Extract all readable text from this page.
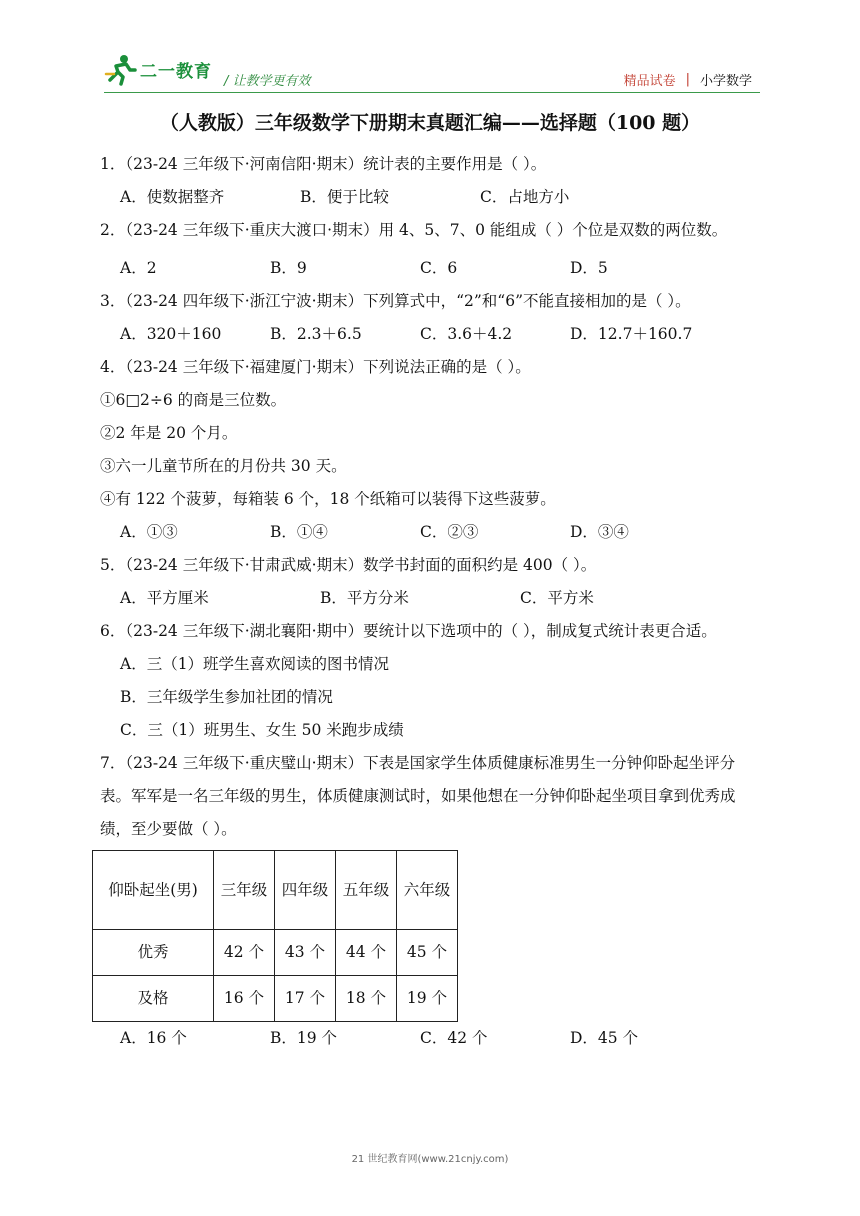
二一教育 / 让教学更有效	精品试卷 | 小学数学
（人教版）三年级数学下册期末真题汇编——选择题（100 题）

1．（23-24 三年级下·河南信阳·期末）统计表的主要作用是（ ）。

A．使数据整齐	B．便于比较	C．占地方小

2．（23-24 三年级下·重庆大渡口·期末）用 4、5、7、0 能组成（ ）个位是双数的两位数。

A．2	B．9	C．6	D．5

3．（23-24 四年级下·浙江宁波·期末）下列算式中，“2”和“6”不能直接相加的是（ ）。

A．320＋160	B．2.3＋6.5	C．3.6＋4.2	D．12.7＋160.7

4．（23-24 三年级下·福建厦门·期末）下列说法正确的是（ ）。

①6□2÷6 的商是三位数。

②2 年是 20 个月。

③六一儿童节所在的月份共 30 天。

④有 122 个菠萝，每箱装 6 个，18 个纸箱可以装得下这些菠萝。

A．①③	B．①④	C．②③	D．③④

5．（23-24 三年级下·甘肃武威·期末）数学书封面的面积约是 400（ ）。

A．平方厘米	B．平方分米	C．平方米

6．（23-24 三年级下·湖北襄阳·期中）要统计以下选项中的（ ），制成复式统计表更合适。

A．三（1）班学生喜欢阅读的图书情况

B．三年级学生参加社团的情况

C．三（1）班男生、女生 50 米跑步成绩

7．（23-24 三年级下·重庆璧山·期末）下表是国家学生体质健康标准男生一分钟仰卧起坐评分表。军军是一名三年级的男生，体质健康测试时，如果他想在一分钟仰卧起坐项目拿到优秀成绩，至少要做（ ）。

仰卧起坐(男)	三年级	四年级	五年级	六年级
优秀	42 个	43 个	44 个	45 个
及格	16 个	17 个	18 个	19 个
A．16 个	B．19 个	C．42 个	D．45 个
21 世纪教育网(www.21cnjy.com)
